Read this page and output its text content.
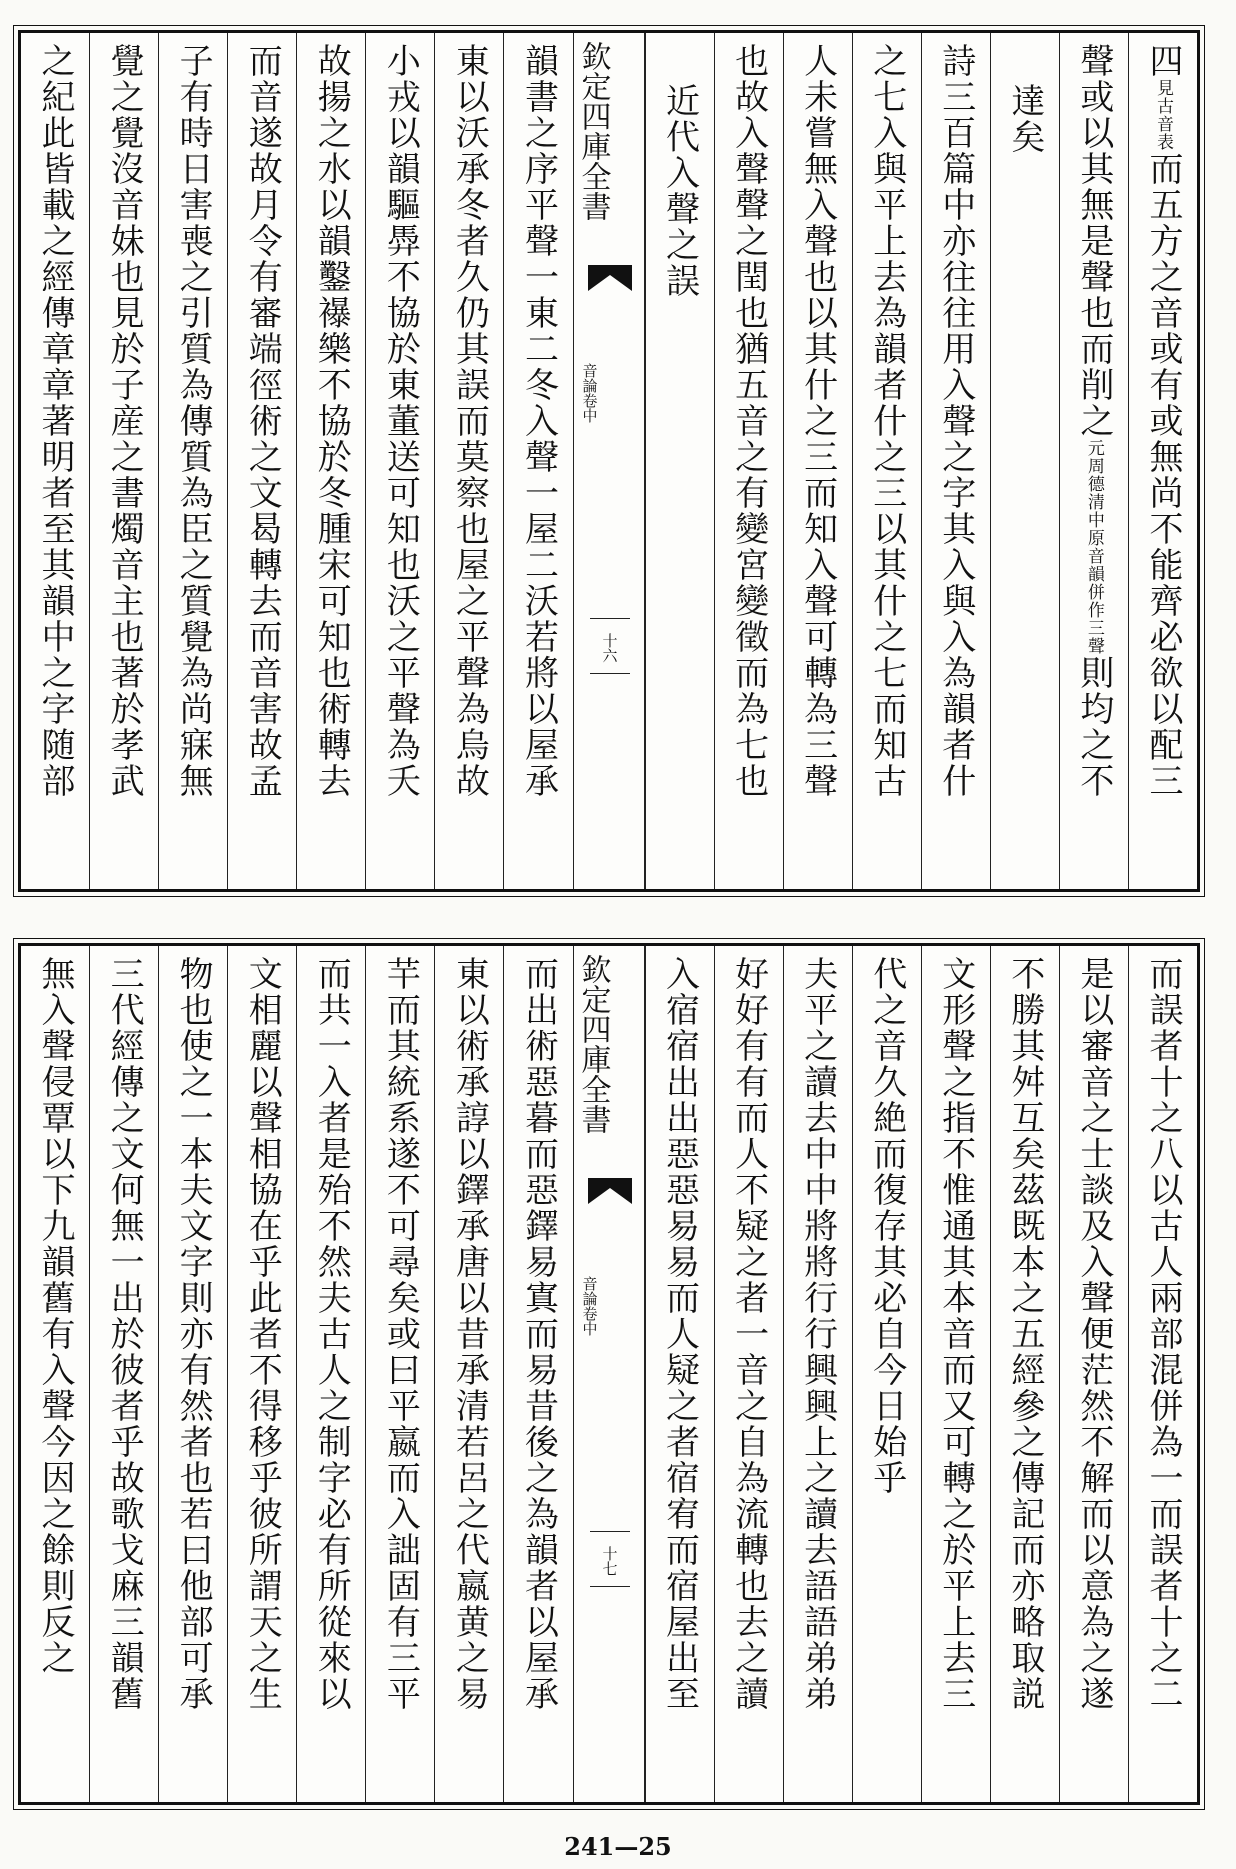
四見古音表而五方之音或有或無尚不能齊必欲以配三
聲或以其無是聲也而削之元周德清中原音韻併作三聲則均之不
達矣
詩三百篇中亦往往用入聲之字其入與入為韻者什
之七入與平上去為韻者什之三以其什之七而知古
人未嘗無入聲也以其什之三而知入聲可轉為三聲
也故入聲聲之閏也猶五音之有變宮變徵而為七也
近代入聲之誤
欽定四庫全書
音論卷中
十六
韻書之序平聲一東二冬入聲一屋二沃若將以屋承
東以沃承冬者久仍其誤而莫察也屋之平聲為烏故
小戎以韻驅馵不協於東董送可知也沃之平聲為夭
故揚之水以韻鑿襮樂不協於冬腫宋可知也術轉去
而音遂故月令有審端徑術之文曷轉去而音害故孟
子有時日害喪之引質為傳質為臣之質覺為尚寐無
覺之覺沒音妹也見於子産之書燭音主也著於孝武
之紀此皆載之經傳章章著明者至其韻中之字随部
而誤者十之八以古人兩部混併為一而誤者十之二
是以審音之士談及入聲便茫然不解而以意為之遂
不勝其舛互矣茲既本之五經參之傳記而亦略取説
文形聲之指不惟通其本音而又可轉之於平上去三
代之音久絶而復存其必自今日始乎
夫平之讀去中中將將行行興興上之讀去語語弟弟
好好有有而人不疑之者一音之自為流轉也去之讀
入宿宿出出惡惡易易而人疑之者宿宥而宿屋出至
欽定四庫全書
音論卷中
十七
而出術惡暮而惡鐸易寘而易昔後之為韻者以屋承
東以術承諄以鐸承唐以昔承清若呂之代嬴黄之易
芉而其統系遂不可尋矣或曰平嬴而入詘固有三平
而共一入者是殆不然夫古人之制字必有所從來以
文相麗以聲相協在乎此者不得移乎彼所謂天之生
物也使之一本夫文字則亦有然者也若曰他部可承
三代經傳之文何無一出於彼者乎故歌戈麻三韻舊
無入聲侵覃以下九韻舊有入聲今因之餘則反之
241—25
